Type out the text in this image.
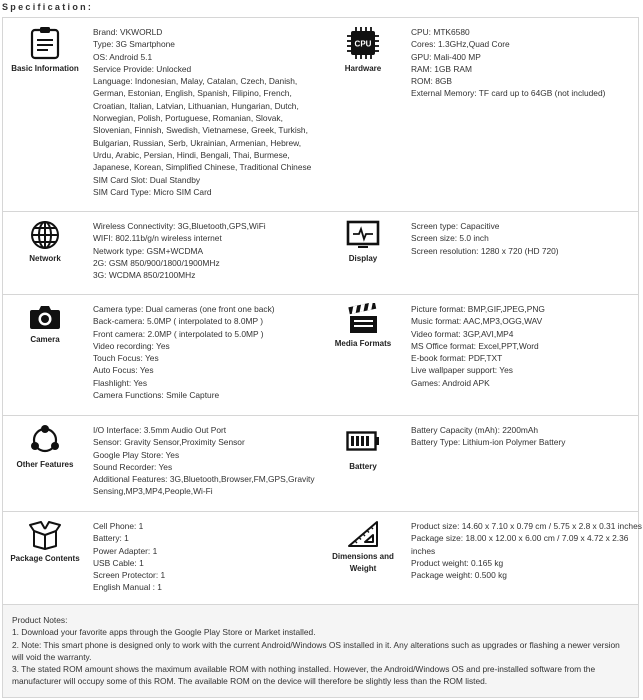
Specification:
Basic Information
Brand: VKWORLD
Type: 3G Smartphone
OS: Android 5.1
Service Provide: Unlocked
Language: Indonesian, Malay, Catalan, Czech, Danish,
German, Estonian, English, Spanish, Filipino, French,
Croatian, Italian, Latvian, Lithuanian, Hungarian, Dutch,
Norwegian, Polish, Portuguese, Romanian, Slovak,
Slovenian, Finnish, Swedish, Vietnamese, Greek, Turkish,
Bulgarian, Russian, Serb, Ukrainian, Armenian, Hebrew,
Urdu, Arabic, Persian, Hindi, Bengali, Thai, Burmese,
Japanese, Korean, Simplified Chinese, Traditional Chinese
SIM Card Slot: Dual Standby
SIM Card Type: Micro SIM Card
CPU
Hardware
CPU: MTK6580
Cores: 1.3GHz,Quad Core
GPU: Mali-400 MP
RAM: 1GB RAM
ROM: 8GB
External Memory: TF card up to 64GB (not included)
Network
Wireless Connectivity: 3G,Bluetooth,GPS,WiFi
WIFI: 802.11b/g/n wireless internet
Network type: GSM+WCDMA
2G: GSM 850/900/1800/1900MHz
3G: WCDMA 850/2100MHz
Display
Screen type: Capacitive
Screen size: 5.0 inch
Screen resolution: 1280 x 720 (HD 720)
Camera
Camera type: Dual cameras (one front one back)
Back-camera: 5.0MP ( interpolated to 8.0MP )
Front camera: 2.0MP ( interpolated to 5.0MP )
Video recording: Yes
Touch Focus: Yes
Auto Focus: Yes
Flashlight: Yes
Camera Functions: Smile Capture
Media Formats
Picture format: BMP,GIF,JPEG,PNG
Music format: AAC,MP3,OGG,WAV
Video format: 3GP,AVI,MP4
MS Office format: Excel,PPT,Word
E-book format: PDF,TXT
Live wallpaper support: Yes
Games: Android APK
Other Features
I/O Interface: 3.5mm Audio Out Port
Sensor: Gravity Sensor,Proximity Sensor
Google Play Store: Yes
Sound Recorder: Yes
Additional Features: 3G,Bluetooth,Browser,FM,GPS,Gravity
Sensing,MP3,MP4,People,Wi-Fi
Battery
Battery Capacity (mAh): 2200mAh
Battery Type: Lithium-ion Polymer Battery
Package Contents
Cell Phone: 1
Battery: 1
Power Adapter: 1
USB Cable: 1
Screen Protector: 1
English Manual : 1
Dimensions and
Weight
Product size: 14.60 x 7.10 x 0.79 cm / 5.75 x 2.8 x 0.31 inches
Package size: 18.00 x 12.00 x 6.00 cm / 7.09 x 4.72 x 2.36
inches
Product weight: 0.165 kg
Package weight: 0.500 kg
Product Notes:
1. Download your favorite apps through the Google Play Store or Market installed.
2. Note: This smart phone is designed only to work with the current Android/Windows OS installed in it. Any alterations such as upgrades or flashing a newer version will void the warranty.
3. The stated ROM amount shows the maximum available ROM with nothing installed. However, the Android/Windows OS and pre-installed software from the manufacturer will occupy some of this ROM. The available ROM on the device will therefore be slightly less than the ROM listed.
